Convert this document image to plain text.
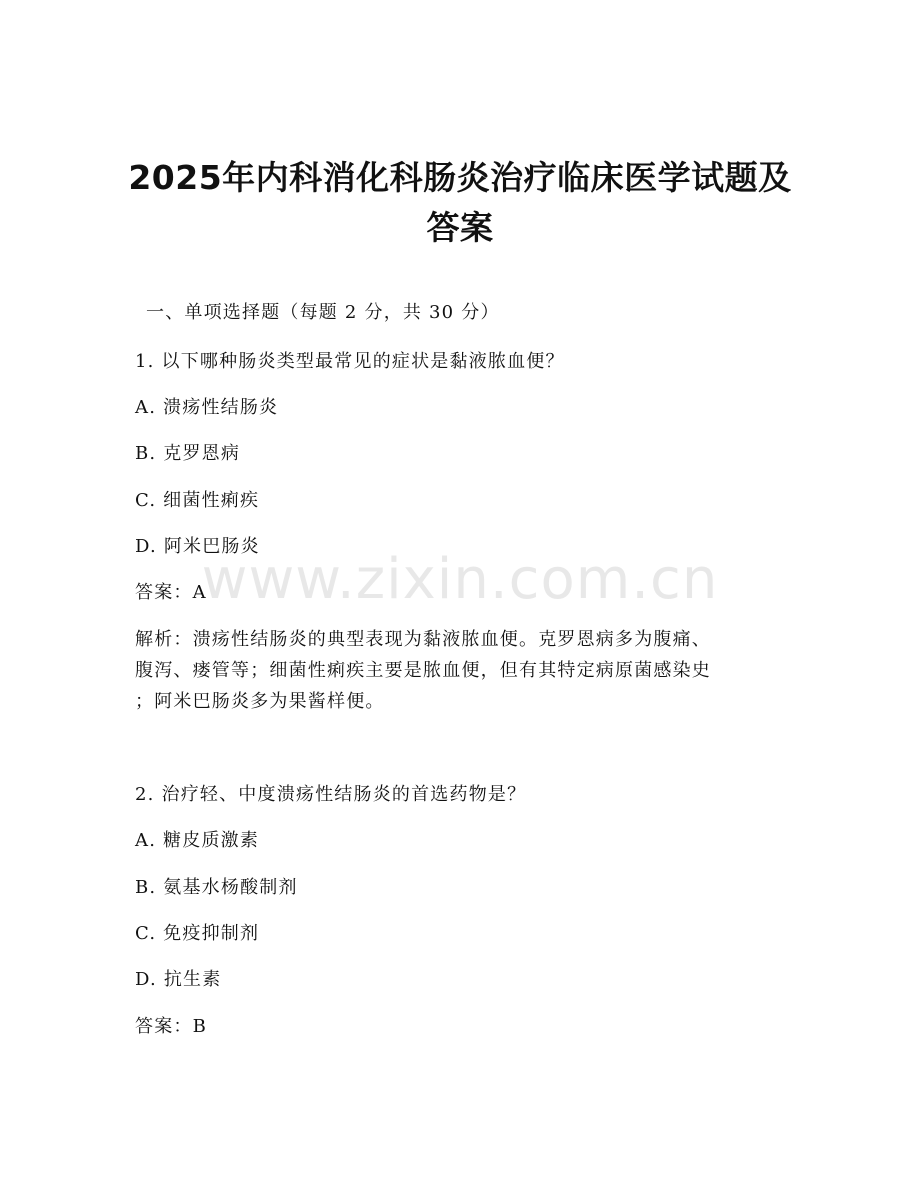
2025年内科消化科肠炎治疗临床医学试题及
答案
一、单项选择题（每题 2 分，共 30 分）
1. 以下哪种肠炎类型最常见的症状是黏液脓血便？
A. 溃疡性结肠炎
B. 克罗恩病
C. 细菌性痢疾
D. 阿米巴肠炎
答案：A
解析：溃疡性结肠炎的典型表现为黏液脓血便。克罗恩病多为腹痛、
腹泻、瘘管等；细菌性痢疾主要是脓血便，但有其特定病原菌感染史
；阿米巴肠炎多为果酱样便。
2. 治疗轻、中度溃疡性结肠炎的首选药物是？
A. 糖皮质激素
B. 氨基水杨酸制剂
C. 免疫抑制剂
D. 抗生素
答案：B
www.zixin.com.cn
